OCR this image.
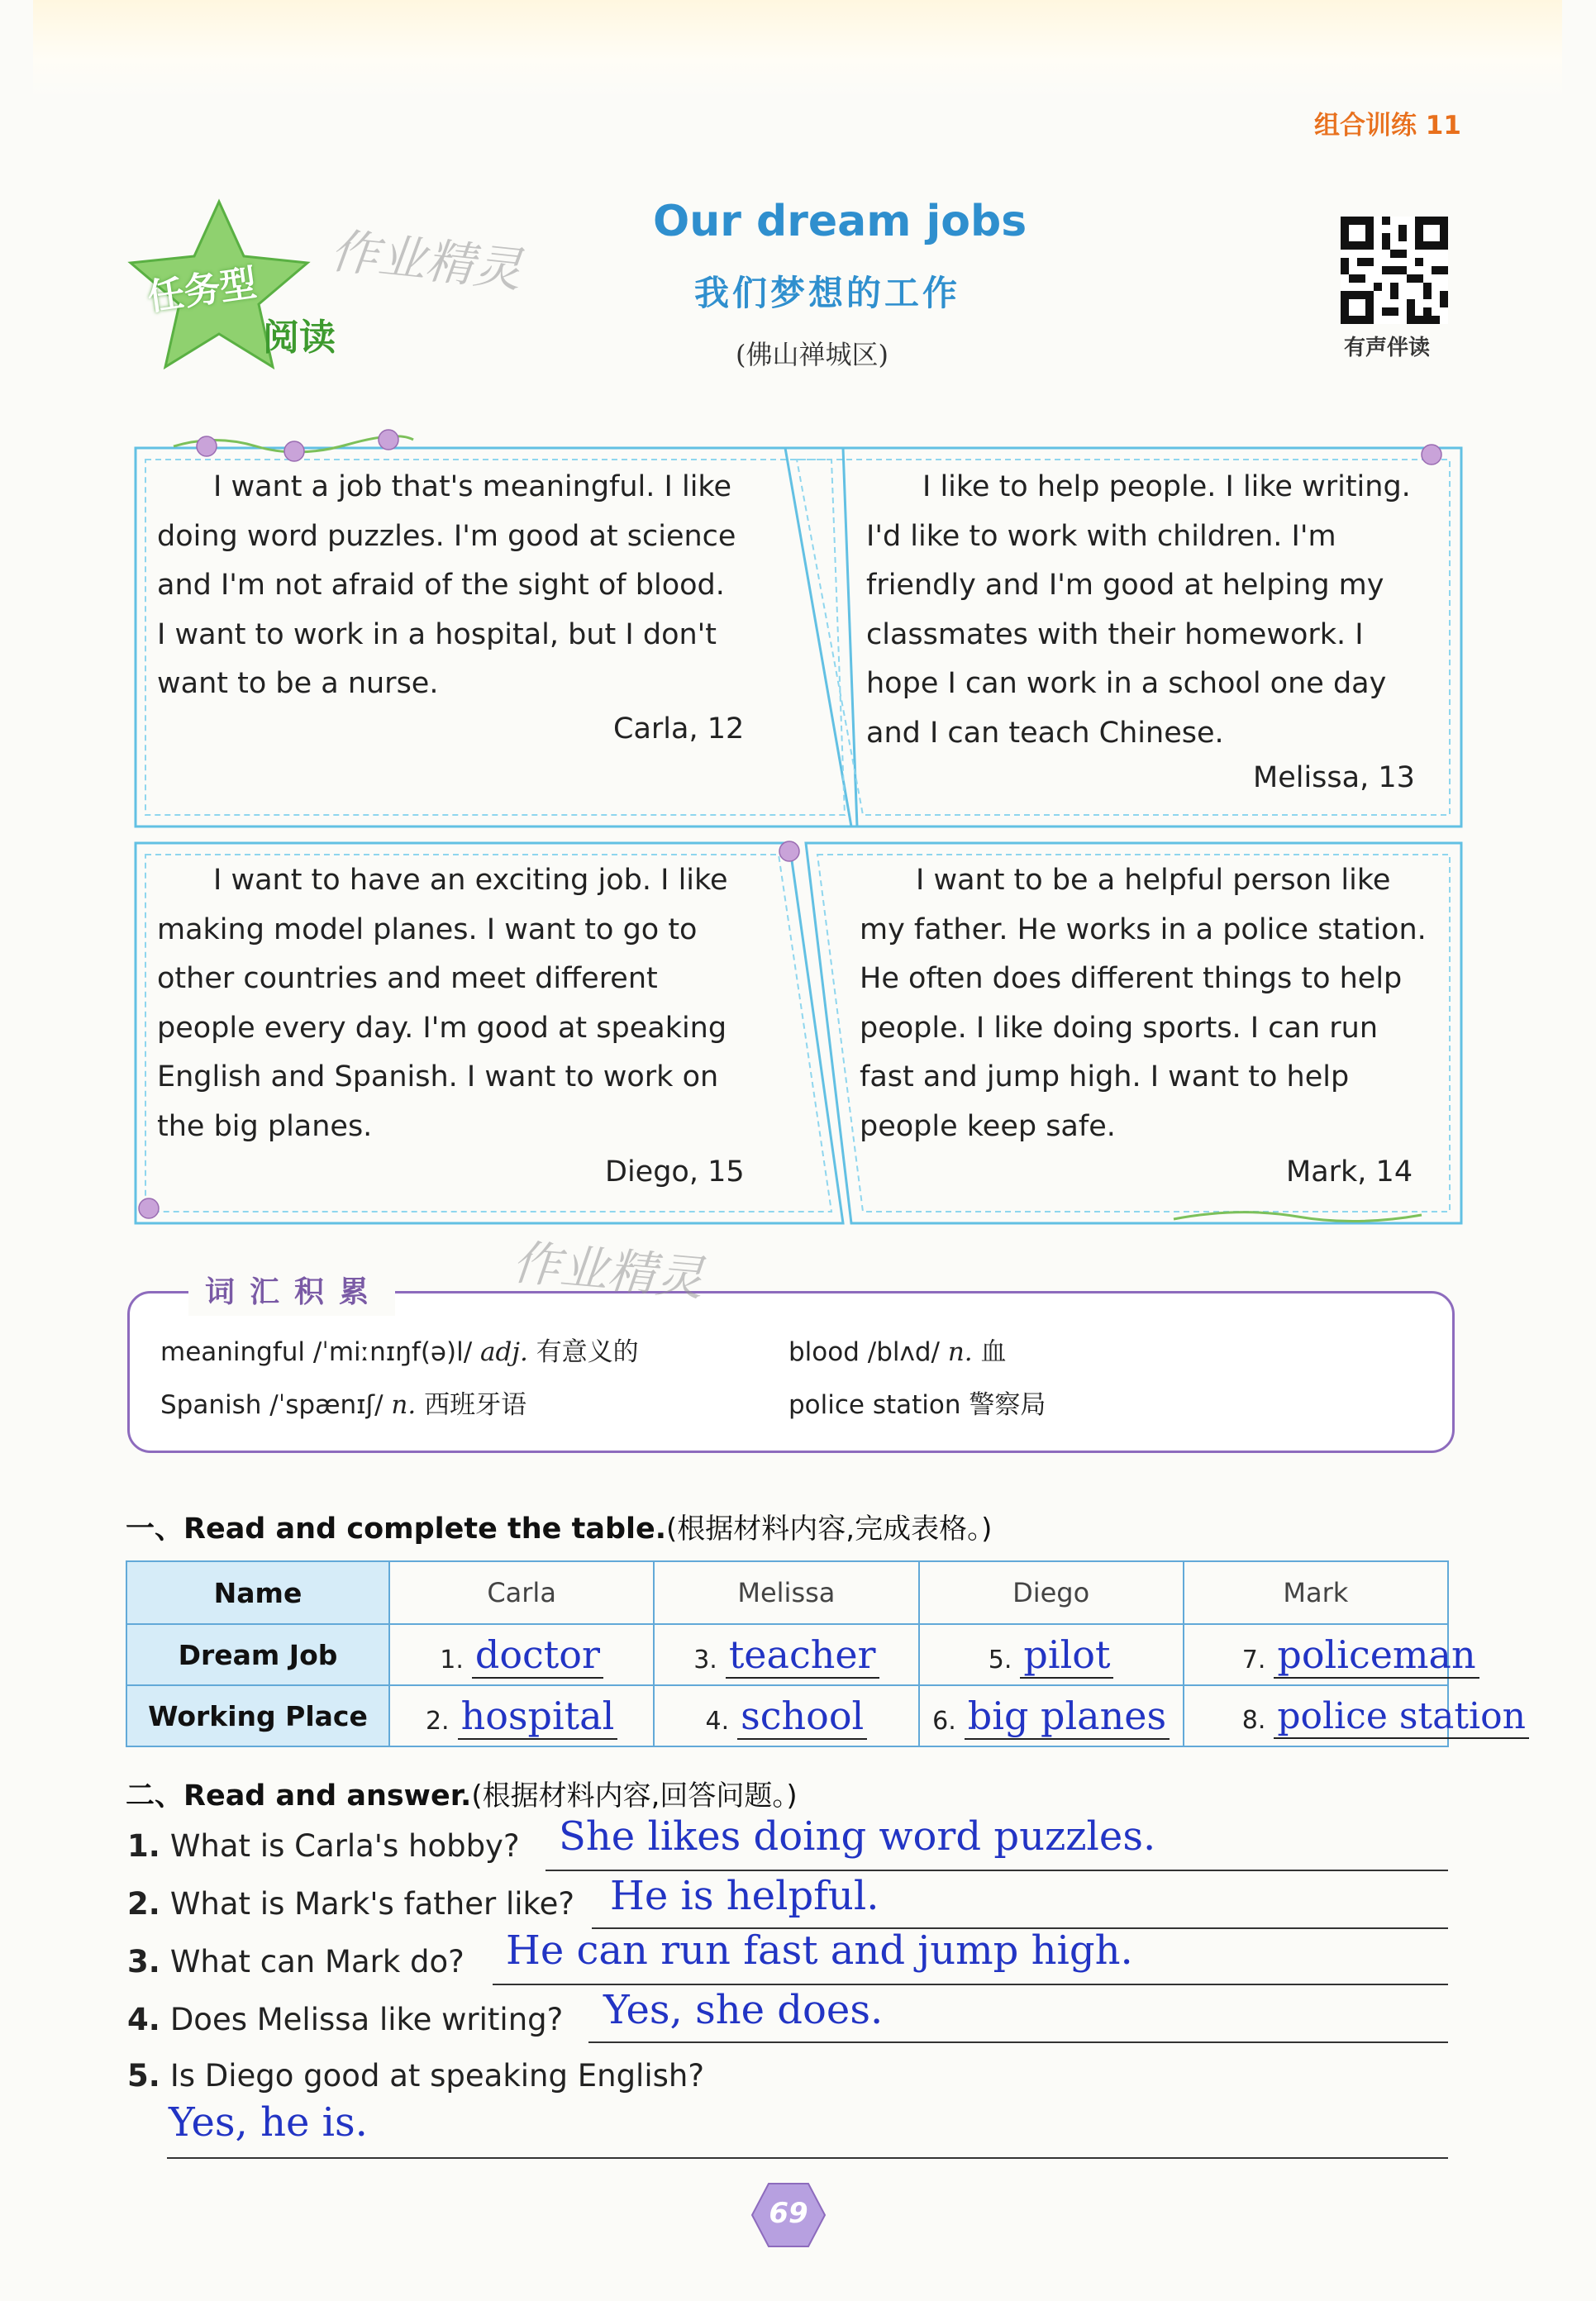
组合训练 11
任务型
阅读
作业精灵
Our dream jobs
我们梦想的工作
(佛山禅城区)	有声伴读

I want a job that's meaningful. I like

doing word puzzles. I'm good at science
and I'm not afraid of the sight of blood.
I want to work in a hospital, but I don't
want to be a nurse.
Carla, 12

I like to help people. I like writing.

I'd like to work with children. I'm
friendly and I'm good at helping my
classmates with their homework. I
hope I can work in a school one day
and I can teach Chinese.
Melissa, 13

I want to have an exciting job. I like

making model planes. I want to go to
other countries and meet different
people every day. I'm good at speaking
English and Spanish. I want to work on
the big planes.
Diego, 15

I want to be a helpful person like

my father. He works in a police station.
He often does different things to help
people. I like doing sports. I can run
fast and jump high. I want to help
people keep safe.
Mark, 14
词汇积累	作业精灵
meaningful /ˈmiːnɪŋf(ə)l/ adj. 有意义的	blood /blʌd/ n. 血
Spanish /ˈspænɪʃ/ n. 西班牙语	police station 警察局
一、Read and complete the table.(根据材料内容,完成表格。)
Name	Carla	Melissa	Diego	Mark
Dream Job	1. doctor	3. teacher	5. pilot	7. policeman
Working Place	2. hospital	4. school	6. big planes	8. police station
二、Read and answer.(根据材料内容,回答问题。)
1. What is Carla's hobby? She likes doing word puzzles.
2. What is Mark's father like? He is helpful.
3. What can Mark do? He can run fast and jump high.
4. Does Melissa like writing? Yes, she does.
5. Is Diego good at speaking English?
Yes, he is.
69
